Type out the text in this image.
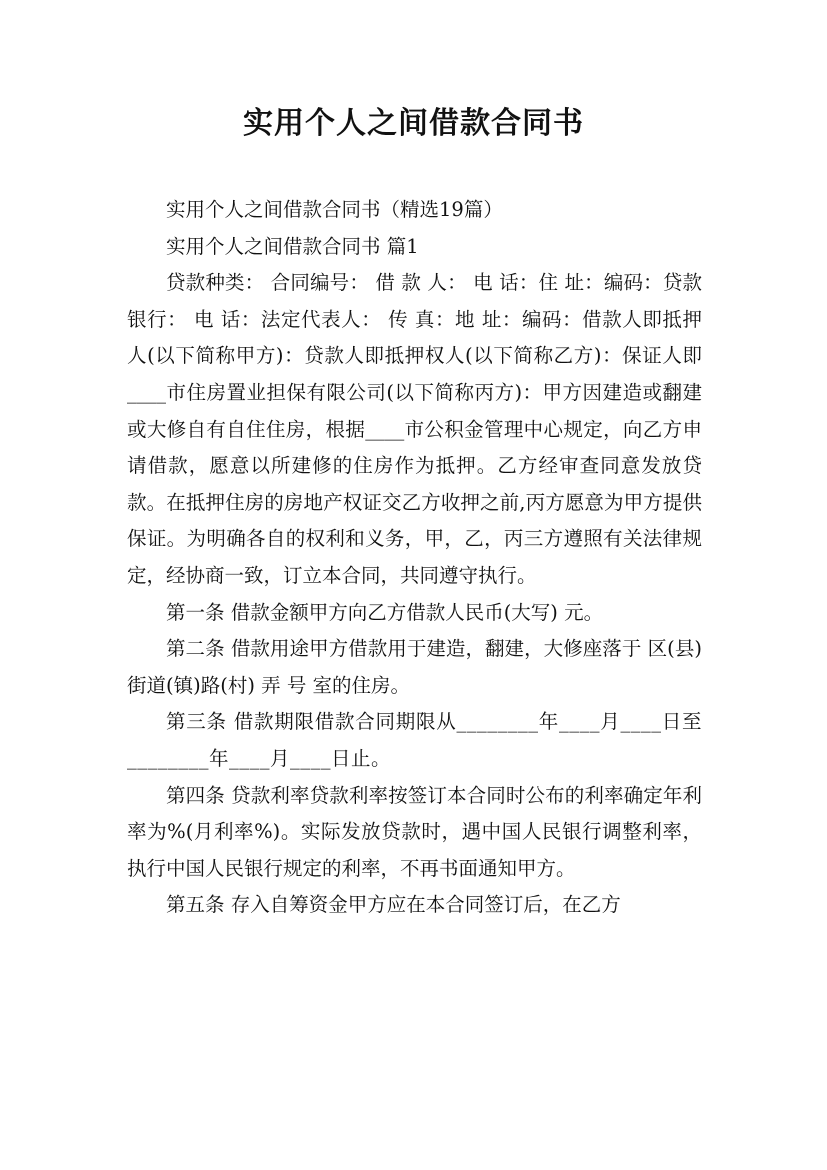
实用个人之间借款合同书

实用个人之间借款合同书（精选19篇）

实用个人之间借款合同书 篇1

贷款种类： 合同编号： 借 款 人： 电 话：住 址：编码：贷款银行： 电 话：法定代表人： 传 真：地 址：编码：借款人即抵押人(以下简称甲方)：贷款人即抵押权人(以下简称乙方)：保证人即____市住房置业担保有限公司(以下简称丙方)：甲方因建造或翻建或大修自有自住住房，根据____市公积金管理中心规定，向乙方申请借款，愿意以所建修的住房作为抵押。乙方经审查同意发放贷款。在抵押住房的房地产权证交乙方收押之前,丙方愿意为甲方提供保证。为明确各自的权利和义务，甲，乙，丙三方遵照有关法律规定，经协商一致，订立本合同，共同遵守执行。

第一条 借款金额甲方向乙方借款人民币(大写) 元。

第二条 借款用途甲方借款用于建造，翻建，大修座落于 区(县) 街道(镇)路(村) 弄 号 室的住房。

第三条 借款期限借款合同期限从________年____月____日至________年____月____日止。

第四条 贷款利率贷款利率按签订本合同时公布的利率确定年利率为%(月利率%)。实际发放贷款时，遇中国人民银行调整利率，执行中国人民银行规定的利率，不再书面通知甲方。

第五条 存入自筹资金甲方应在本合同签订后，在乙方
